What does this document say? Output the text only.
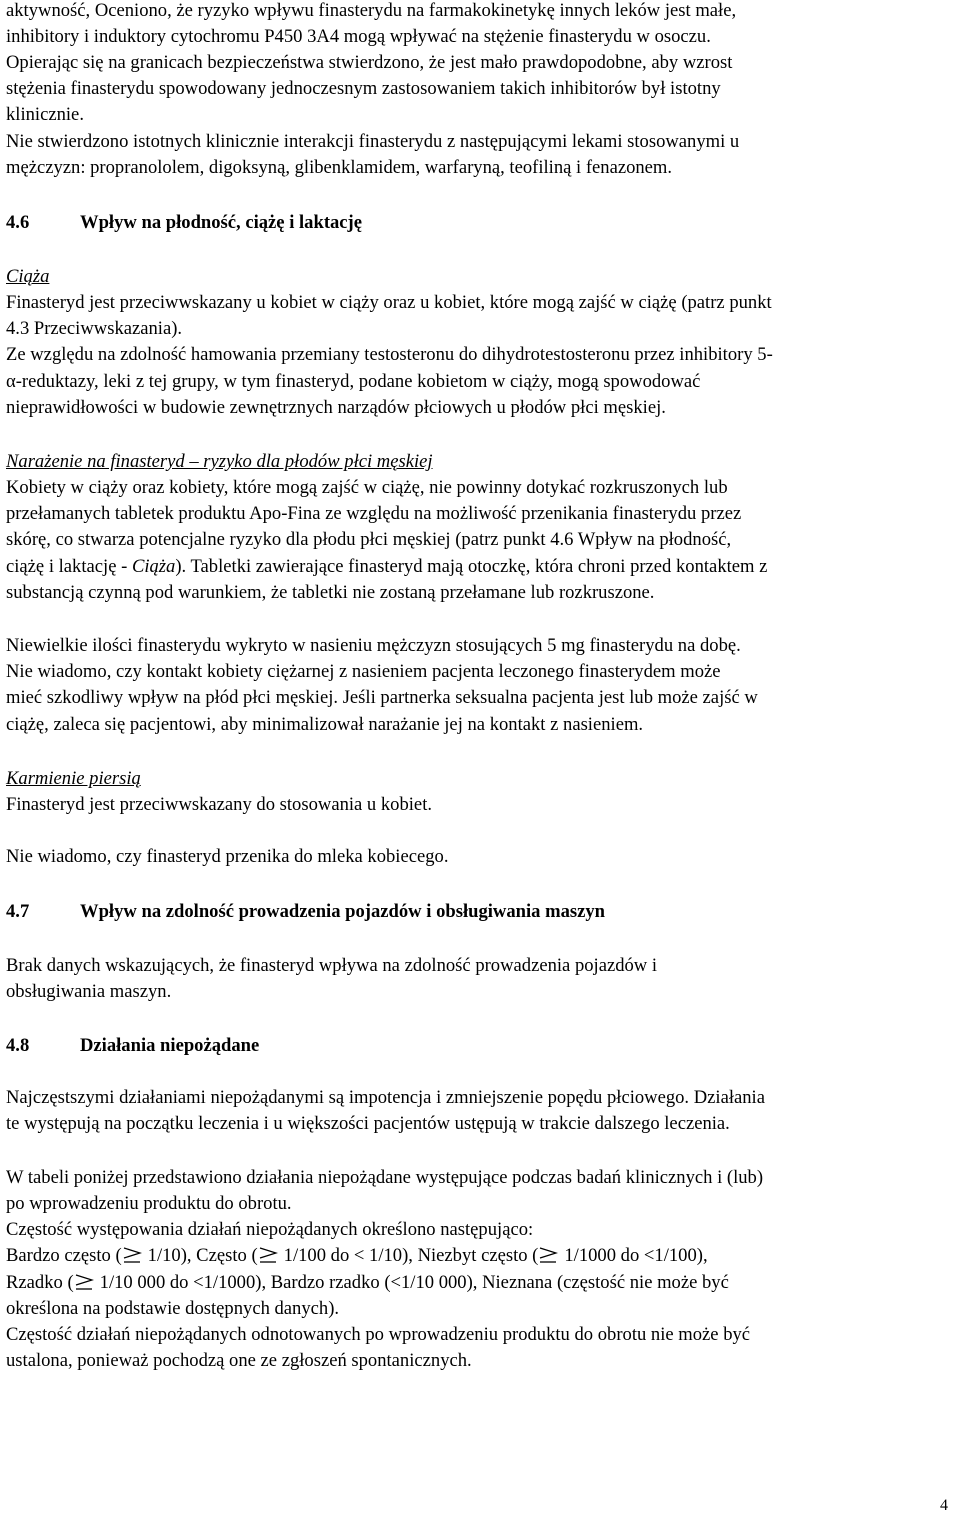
aktywność, Oceniono, że ryzyko wpływu finasterydu na farmakokinetykę innych leków jest małe,
inhibitory i induktory cytochromu P450 3A4 mogą wpływać na stężenie finasterydu w osoczu.
Opierając się na granicach bezpieczeństwa stwierdzono, że jest mało prawdopodobne, aby wzrost
stężenia finasterydu spowodowany jednoczesnym zastosowaniem takich inhibitorów był istotny
klinicznie.
Nie stwierdzono istotnych klinicznie interakcji finasterydu z następującymi lekami stosowanymi u
mężczyzn: propranololem, digoksyną, glibenklamidem, warfaryną, teofiliną i fenazonem.
4.6	Wpływ na płodność, ciążę i laktację
Ciąża
Finasteryd jest przeciwwskazany u kobiet w ciąży oraz u kobiet, które mogą zajść w ciążę (patrz punkt
4.3 Przeciwwskazania).
Ze względu na zdolność hamowania przemiany testosteronu do dihydrotestosteronu przez inhibitory 5-
α-reduktazy, leki z tej grupy, w tym finasteryd, podane kobietom w ciąży, mogą spowodować
nieprawidłowości w budowie zewnętrznych narządów płciowych u płodów płci męskiej.
Narażenie na finasteryd – ryzyko dla płodów płci męskiej
Kobiety w ciąży oraz kobiety, które mogą zajść w ciążę, nie powinny dotykać rozkruszonych lub
przełamanych tabletek produktu Apo-Fina ze względu na możliwość przenikania finasterydu przez
skórę, co stwarza potencjalne ryzyko dla płodu płci męskiej (patrz punkt 4.6 Wpływ na płodność,
ciążę i laktację - Ciąża). Tabletki zawierające finasteryd mają otoczkę, która chroni przed kontaktem z
substancją czynną pod warunkiem, że tabletki nie zostaną przełamane lub rozkruszone.
Niewielkie ilości finasterydu wykryto w nasieniu mężczyzn stosujących 5 mg finasterydu na dobę.
Nie wiadomo, czy kontakt kobiety ciężarnej z nasieniem pacjenta leczonego finasterydem może
mieć szkodliwy wpływ na płód płci męskiej. Jeśli partnerka seksualna pacjenta jest lub może zajść w
ciążę, zaleca się pacjentowi, aby minimalizował narażanie jej na kontakt z nasieniem.
Karmienie piersią
Finasteryd jest przeciwwskazany do stosowania u kobiet.
Nie wiadomo, czy finasteryd przenika do mleka kobiecego.
4.7	Wpływ na zdolność prowadzenia pojazdów i obsługiwania maszyn
Brak danych wskazujących, że finasteryd wpływa na zdolność prowadzenia pojazdów i
obsługiwania maszyn.
4.8	Działania niepożądane
Najczęstszymi działaniami niepożądanymi są impotencja i zmniejszenie popędu płciowego. Działania
te występują na początku leczenia i u większości pacjentów ustępują w trakcie dalszego leczenia.
W tabeli poniżej przedstawiono działania niepożądane występujące podczas badań klinicznych i (lub)
po wprowadzeniu produktu do obrotu.
Częstość występowania działań niepożądanych określono następująco:
Bardzo często ( 1/10), Często ( 1/100 do < 1/10), Niezbyt często ( 1/1000 do <1/100),
Rzadko ( 1/10 000 do <1/1000), Bardzo rzadko (<1/10 000), Nieznana (częstość nie może być
określona na podstawie dostępnych danych).
Częstość działań niepożądanych odnotowanych po wprowadzeniu produktu do obrotu nie może być
ustalona, ponieważ pochodzą one ze zgłoszeń spontanicznych.
4
